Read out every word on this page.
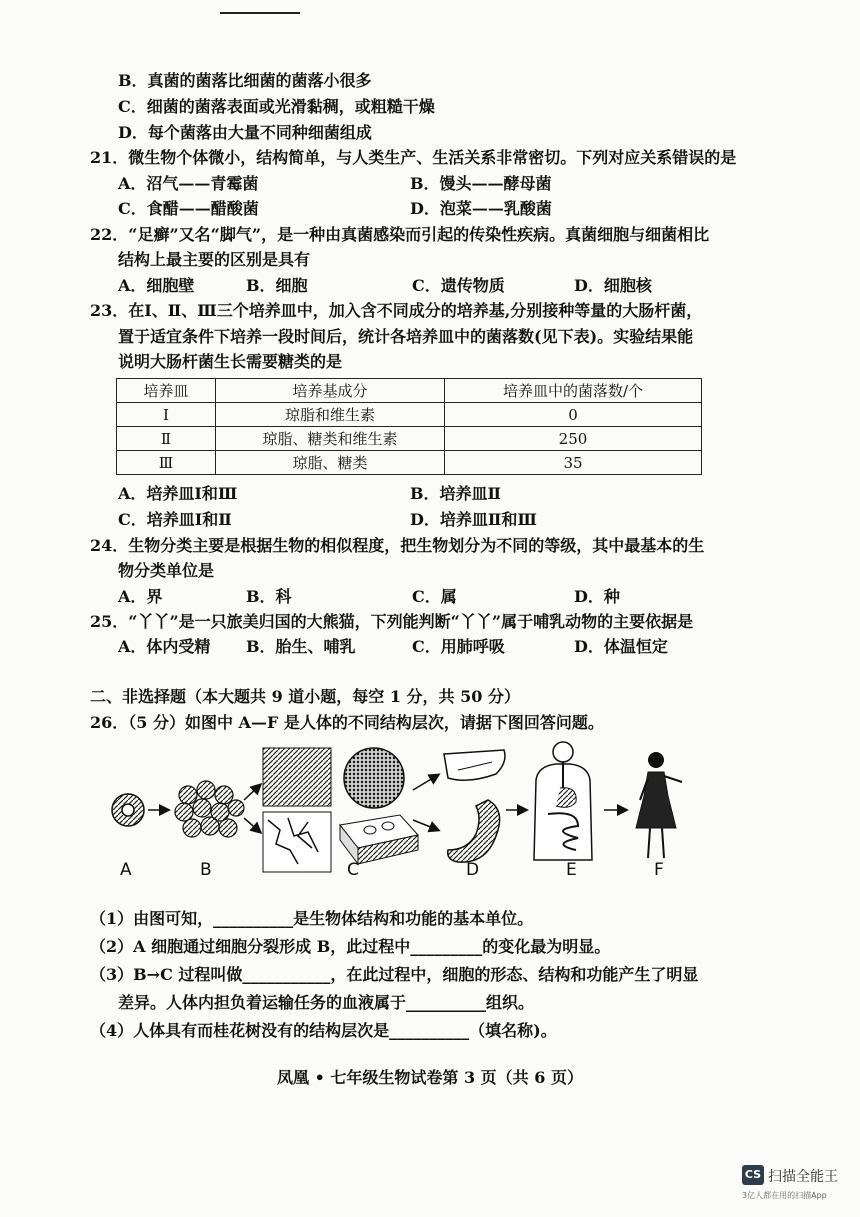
B．真菌的菌落比细菌的菌落小很多
C．细菌的菌落表面或光滑黏稠，或粗糙干燥
D．每个菌落由大量不同种细菌组成
21．微生物个体微小，结构简单，与人类生产、生活关系非常密切。下列对应关系错误的是
A．沼气——青霉菌	B．馒头——酵母菌
C．食醋——醋酸菌	D．泡菜——乳酸菌
22．“足癣”又名“脚气”，是一种由真菌感染而引起的传染性疾病。真菌细胞与细菌相比
结构上最主要的区别是具有
A．细胞壁	B．细胞	C．遗传物质	D．细胞核
23．在Ⅰ、Ⅱ、Ⅲ三个培养皿中，加入含不同成分的培养基,分别接种等量的大肠杆菌，
置于适宜条件下培养一段时间后，统计各培养皿中的菌落数(见下表)。实验结果能
说明大肠杆菌生长需要糖类的是
培养皿	培养基成分	培养皿中的菌落数/个
Ⅰ	琼脂和维生素	0
Ⅱ	琼脂、糖类和维生素	250
Ⅲ	琼脂、糖类	35
A．培养皿Ⅰ和Ⅲ	B．培养皿Ⅱ
C．培养皿Ⅰ和Ⅱ	D．培养皿Ⅱ和Ⅲ
24．生物分类主要是根据生物的相似程度，把生物划分为不同的等级，其中最基本的生
物分类单位是
A．界	B．科	C．属	D．种
25．“丫丫”是一只旅美归国的大熊猫，下列能判断“丫丫”属于哺乳动物的主要依据是
A．体内受精 B．胎生、哺乳	C．用肺呼吸	D．体温恒定
二、非选择题（本大题共 9 道小题，每空 1 分，共 50 分）
26．（5 分）如图中 A—F 是人体的不同结构层次，请据下图回答问题。
A	B	C	D	E	F
（1）由图可知，__________是生物体结构和功能的基本单位。
（2）A 细胞通过细胞分裂形成 B，此过程中_________的变化最为明显。
（3）B→C 过程叫做___________，在此过程中，细胞的形态、结构和功能产生了明显
差异。人体内担负着运输任务的血液属于__________组织。
（4）人体具有而桂花树没有的结构层次是__________（填名称)。
凤凰 • 七年级生物试卷第 3 页（共 6 页）
CS 扫描全能王
3亿人都在用的扫描App
